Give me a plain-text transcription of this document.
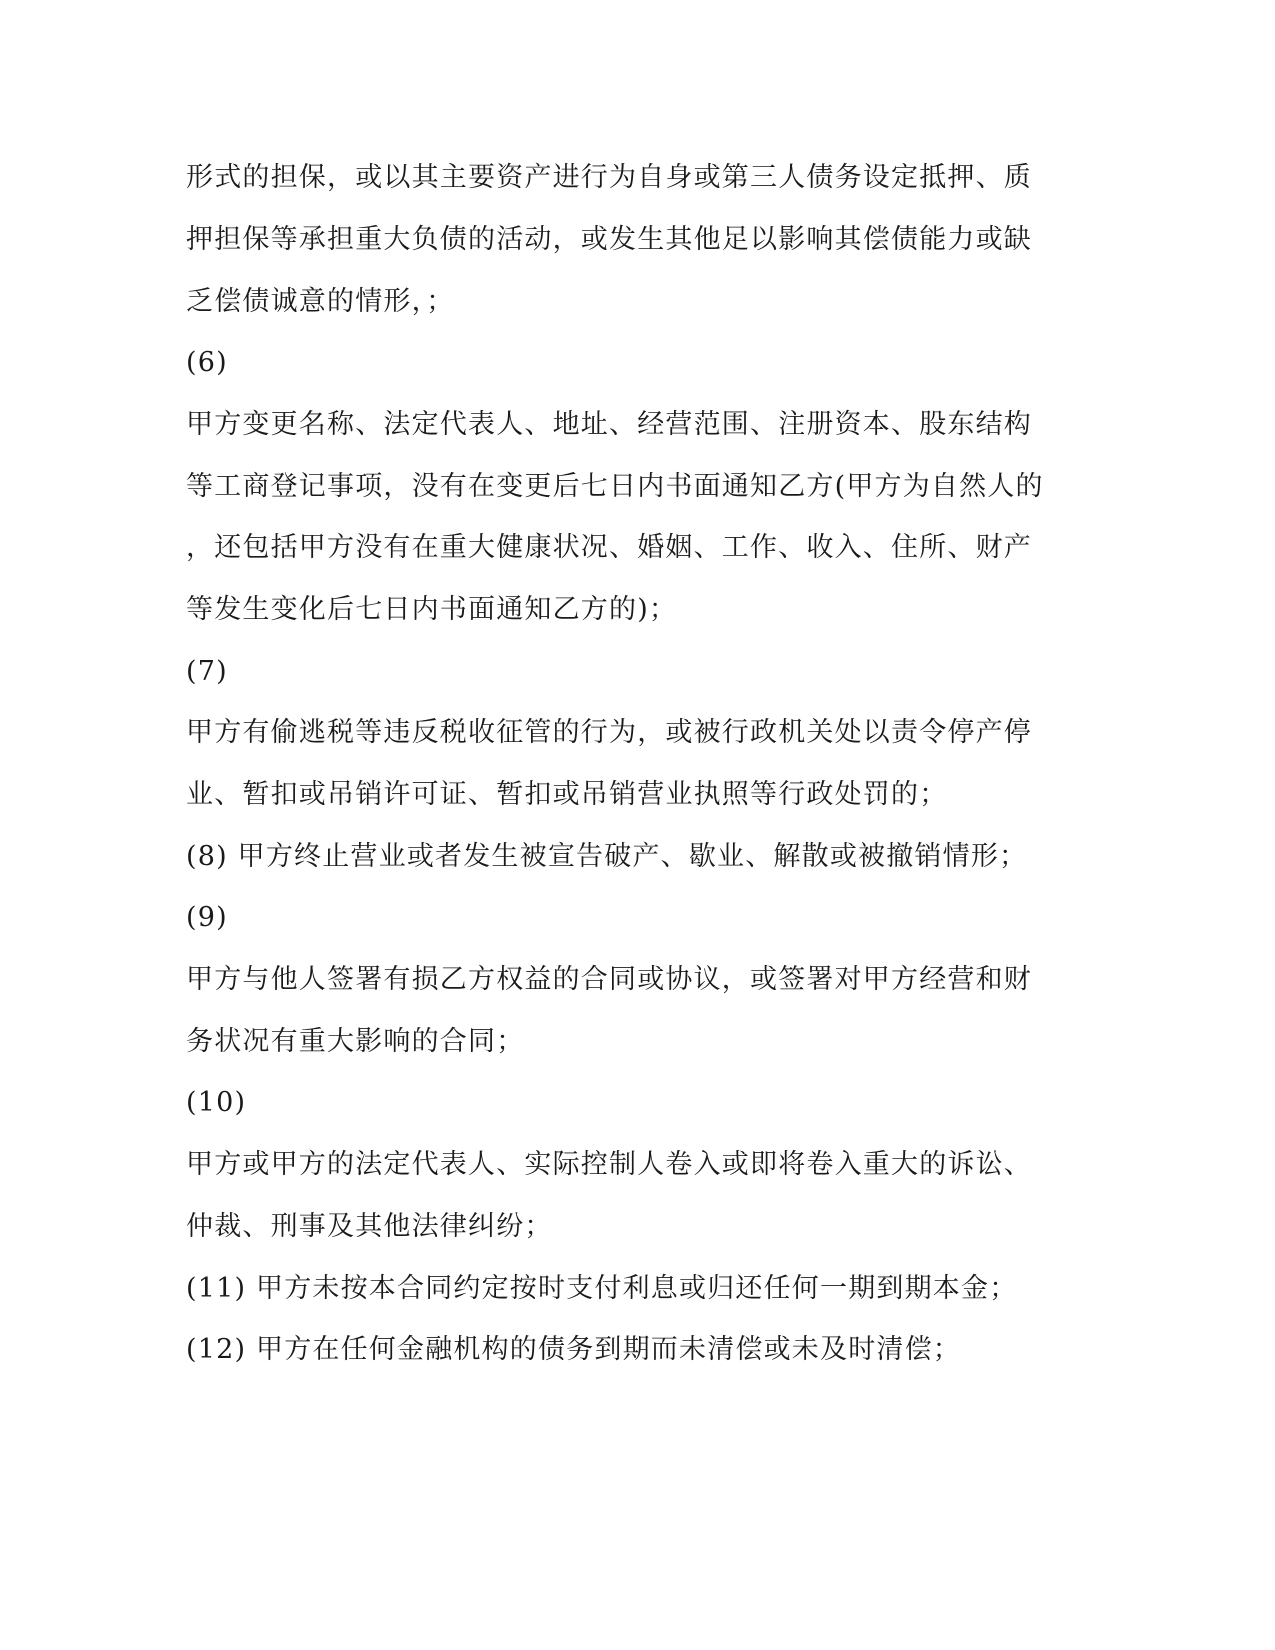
形式的担保，或以其主要资产进行为自身或第三人债务设定抵押、质
押担保等承担重大负债的活动，或发生其他足以影响其偿债能力或缺
乏偿债诚意的情形，；
(6)
甲方变更名称、法定代表人、地址、经营范围、注册资本、股东结构
等工商登记事项，没有在变更后七日内书面通知乙方(甲方为自然人的
，还包括甲方没有在重大健康状况、婚姻、工作、收入、住所、财产
等发生变化后七日内书面通知乙方的)；
(7)
甲方有偷逃税等违反税收征管的行为，或被行政机关处以责令停产停
业、暂扣或吊销许可证、暂扣或吊销营业执照等行政处罚的；
(8) 甲方终止营业或者发生被宣告破产、歇业、解散或被撤销情形；
(9)
甲方与他人签署有损乙方权益的合同或协议，或签署对甲方经营和财
务状况有重大影响的合同；
(10)
甲方或甲方的法定代表人、实际控制人卷入或即将卷入重大的诉讼、
仲裁、刑事及其他法律纠纷；
(11) 甲方未按本合同约定按时支付利息或归还任何一期到期本金；
(12) 甲方在任何金融机构的债务到期而未清偿或未及时清偿；
